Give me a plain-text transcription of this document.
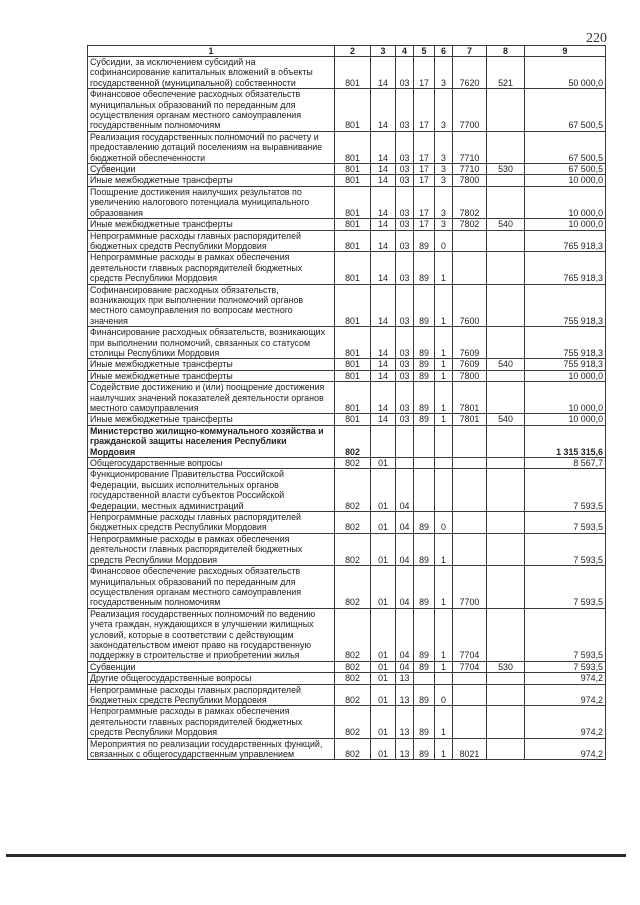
220
1	2	3	4	5	6	7	8	9
Субсидии, за исключением субсидий на софинансирование капитальных вложений в объекты государственной (муниципальной) собственности	801	14	03	17	3	7620	521	50 000,0
Финансовое обеспечение расходных обязательств муниципальных образований по переданным для осуществления органам местного самоуправления государственным полномочиям	801	14	03	17	3	7700		67 500,5
Реализация государственных полномочий по расчету и предоставлению дотаций поселениям на выравнивание бюджетной обеспеченности	801	14	03	17	3	7710		67 500,5
Субвенции	801	14	03	17	3	7710	530	67 500,5
Иные межбюджетные трансферты	801	14	03	17	3	7800		10 000,0
Поощрение достижения наилучших результатов по увеличению налогового потенциала муниципального образования	801	14	03	17	3	7802		10 000,0
Иные межбюджетные трансферты	801	14	03	17	3	7802	540	10 000,0
Непрограммные расходы главных распорядителей бюджетных средств Республики Мордовия	801	14	03	89	0			765 918,3
Непрограммные расходы в рамках обеспечения деятельности главных распорядителей бюджетных средств Республики Мордовия	801	14	03	89	1			765 918,3
Софинансирование расходных обязательств, возникающих при выполнении полномочий органов местного самоуправления по вопросам местного значения	801	14	03	89	1	7600		755 918,3
Финансирование расходных обязательств, возникающих при выполнении полномочий, связанных со статусом столицы Республики Мордовия	801	14	03	89	1	7609		755 918,3
Иные межбюджетные трансферты	801	14	03	89	1	7609	540	755 918,3
Иные межбюджетные трансферты	801	14	03	89	1	7800		10 000,0
Содействие достижению и (или) поощрение достижения наилучших значений показателей деятельности органов местного самоуправления	801	14	03	89	1	7801		10 000,0
Иные межбюджетные трансферты	801	14	03	89	1	7801	540	10 000,0
Министерство жилищно-коммунального хозяйства и гражданской защиты населения Республики Мордовия	802							1 315 315,6
Общегосударственные вопросы	802	01						8 567,7
Функционирование Правительства Российской Федерации, высших исполнительных органов государственной власти субъектов Российской Федерации, местных администраций	802	01	04					7 593,5
Непрограммные расходы главных распорядителей бюджетных средств Республики Мордовия	802	01	04	89	0			7 593,5
Непрограммные расходы в рамках обеспечения деятельности главных распорядителей бюджетных средств Республики Мордовия	802	01	04	89	1			7 593,5
Финансовое обеспечение расходных обязательств муниципальных образований по переданным для осуществления органам местного самоуправления государственным полномочиям	802	01	04	89	1	7700		7 593,5
Реализация государственных полномочий по ведению учета граждан, нуждающихся в улучшении жилищных условий, которые в соответствии с действующим законодательством имеют право на государственную поддержку в строительстве и приобретении жилья	802	01	04	89	1	7704		7 593,5
Субвенции	802	01	04	89	1	7704	530	7 593,5
Другие общегосударственные вопросы	802	01	13					974,2
Непрограммные расходы главных распорядителей бюджетных средств Республики Мордовия	802	01	13	89	0			974,2
Непрограммные расходы в рамках обеспечения деятельности главных распорядителей бюджетных средств Республики Мордовия	802	01	13	89	1			974,2
Мероприятия по реализации государственных функций, связанных с общегосударственным управлением	802	01	13	89	1	8021		974,2
